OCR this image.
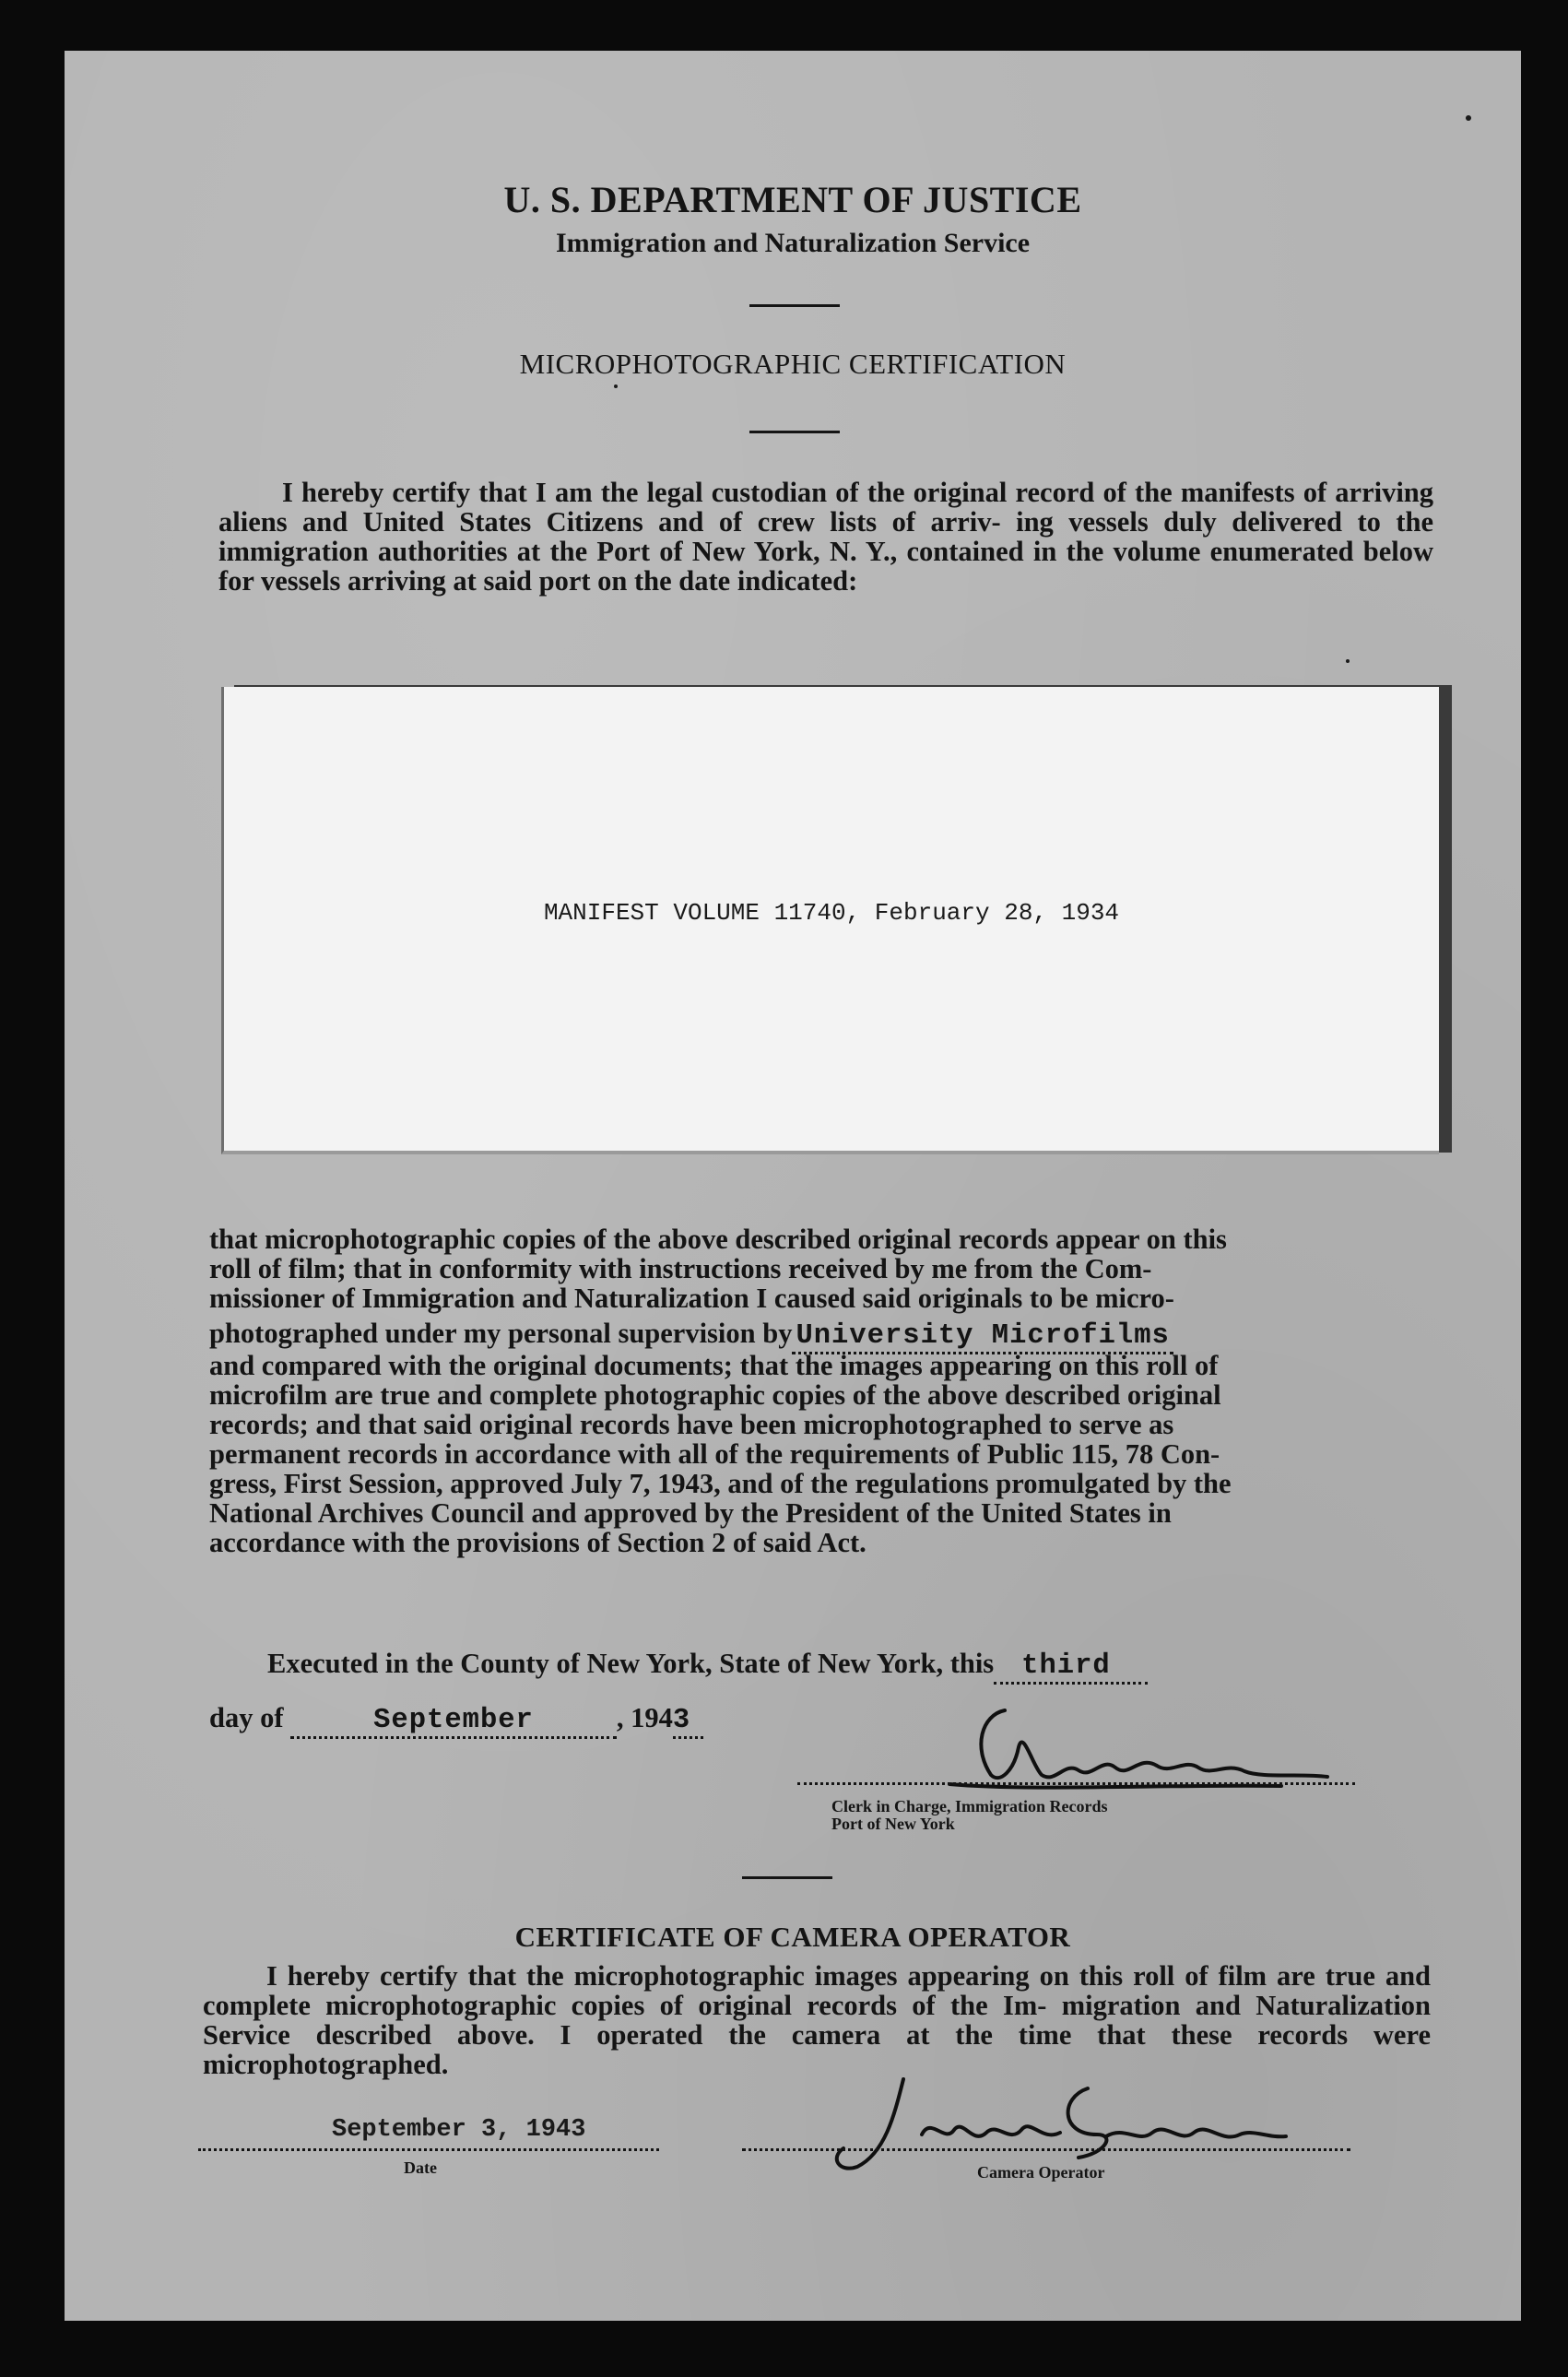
U. S. DEPARTMENT OF JUSTICE
Immigration and Naturalization Service
MICROPHOTOGRAPHIC CERTIFICATION
I hereby certify that I am the legal custodian of the original record of the manifests of arriving aliens and United States Citizens and of crew lists of arriv- ing vessels duly delivered to the immigration authorities at the Port of New York, N. Y., contained in the volume enumerated below for vessels arriving at said port on the date indicated:
MANIFEST VOLUME 11740, February 28, 1934
that microphotographic copies of the above described original records appear on this
roll of film; that in conformity with instructions received by me from the Com-
missioner of Immigration and Naturalization I caused said originals to be micro-
photographed under my personal supervision by University Microfilms
and compared with the original documents; that the images appearing on this roll of
microfilm are true and complete photographic copies of the above described original
records; and that said original records have been microphotographed to serve as
permanent records in accordance with all of the requirements of Public 115, 78 Con-
gress, First Session, approved July 7, 1943, and of the regulations promulgated by the
National Archives Council and approved by the President of the United States in
accordance with the provisions of Section 2 of said Act.
Executed in the County of New York, State of New York, this third
day of	September	, 1943
Clerk in Charge, Immigration Records
Port of New York
CERTIFICATE OF CAMERA OPERATOR
I hereby certify that the microphotographic images appearing on this roll of film are true and complete microphotographic copies of original records of the Im- migration and Naturalization Service described above. I operated the camera at the time that these records were microphotographed.
September 3, 1943
Date	Camera Operator
